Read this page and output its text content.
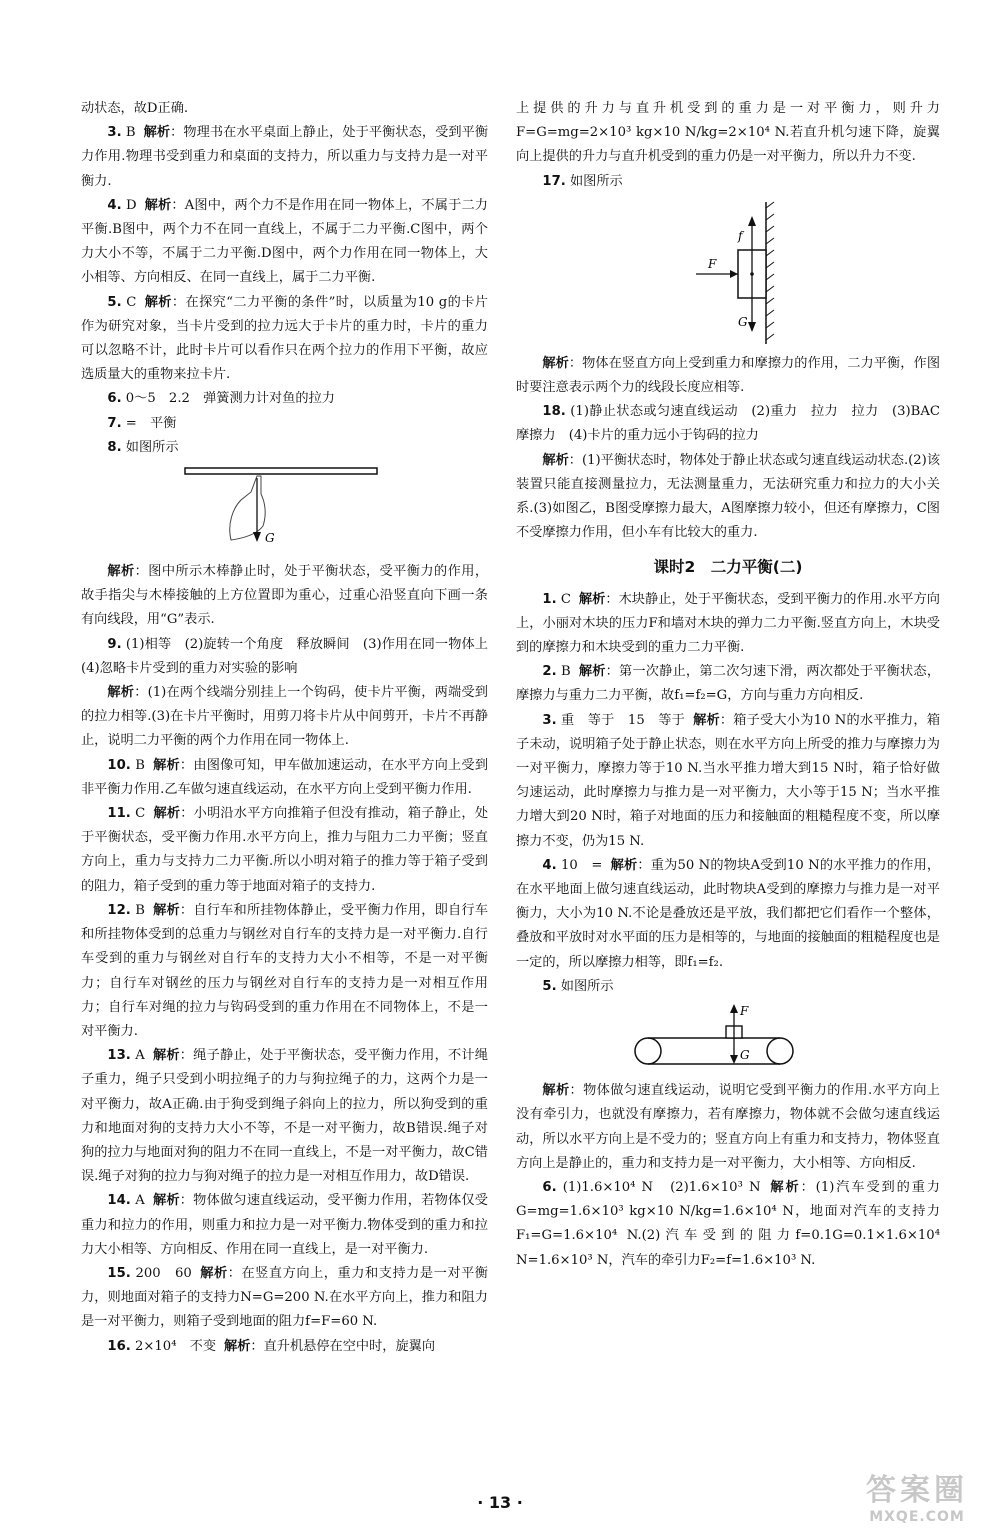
动状态，故D正确.

3. B 解析：物理书在水平桌面上静止，处于平衡状态，受到平衡力作用.物理书受到重力和桌面的支持力，所以重力与支持力是一对平衡力.

4. D 解析：A图中，两个力不是作用在同一物体上，不属于二力平衡.B图中，两个力不在同一直线上，不属于二力平衡.C图中，两个力大小不等，不属于二力平衡.D图中，两个力作用在同一物体上，大小相等、方向相反、在同一直线上，属于二力平衡.

5. C 解析：在探究“二力平衡的条件”时，以质量为10 g的卡片作为研究对象，当卡片受到的拉力远大于卡片的重力时，卡片的重力可以忽略不计，此时卡片可以看作只在两个拉力的作用下平衡，故应选质量大的重物来拉卡片.

6. 0～5　2.2　弹簧测力计对鱼的拉力

7. =　平衡

8. 如图所示

G

解析：图中所示木棒静止时，处于平衡状态，受平衡力的作用，故手指尖与木棒接触的上方位置即为重心，过重心沿竖直向下画一条有向线段，用“G”表示.

9. (1)相等　(2)旋转一个角度　释放瞬间　(3)作用在同一物体上　(4)忽略卡片受到的重力对实验的影响

解析：(1)在两个线端分别挂上一个钩码，使卡片平衡，两端受到的拉力相等.(3)在卡片平衡时，用剪刀将卡片从中间剪开，卡片不再静止，说明二力平衡的两个力作用在同一物体上.

10. B 解析：由图像可知，甲车做加速运动，在水平方向上受到非平衡力作用.乙车做匀速直线运动，在水平方向上受到平衡力作用.

11. C 解析：小明沿水平方向推箱子但没有推动，箱子静止，处于平衡状态，受平衡力作用.水平方向上，推力与阻力二力平衡；竖直方向上，重力与支持力二力平衡.所以小明对箱子的推力等于箱子受到的阻力，箱子受到的重力等于地面对箱子的支持力.

12. B 解析：自行车和所挂物体静止，受平衡力作用，即自行车和所挂物体受到的总重力与钢丝对自行车的支持力是一对平衡力.自行车受到的重力与钢丝对自行车的支持力大小不相等，不是一对平衡力；自行车对钢丝的压力与钢丝对自行车的支持力是一对相互作用力；自行车对绳的拉力与钩码受到的重力作用在不同物体上，不是一对平衡力.

13. A 解析：绳子静止，处于平衡状态，受平衡力作用，不计绳子重力，绳子只受到小明拉绳子的力与狗拉绳子的力，这两个力是一对平衡力，故A正确.由于狗受到绳子斜向上的拉力，所以狗受到的重力和地面对狗的支持力大小不等，不是一对平衡力，故B错误.绳子对狗的拉力与地面对狗的阻力不在同一直线上，不是一对平衡力，故C错误.绳子对狗的拉力与狗对绳子的拉力是一对相互作用力，故D错误.

14. A 解析：物体做匀速直线运动，受平衡力作用，若物体仅受重力和拉力的作用，则重力和拉力是一对平衡力.物体受到的重力和拉力大小相等、方向相反、作用在同一直线上，是一对平衡力.

15. 200　60 解析：在竖直方向上，重力和支持力是一对平衡力，则地面对箱子的支持力N=G=200 N.在水平方向上，推力和阻力是一对平衡力，则箱子受到地面的阻力f=F=60 N.

16. 2×10⁴　不变 解析：直升机悬停在空中时，旋翼向

上提供的升力与直升机受到的重力是一对平衡力，则升力F=G=mg=2×10³ kg×10 N/kg=2×10⁴ N.若直升机匀速下降，旋翼向上提供的升力与直升机受到的重力仍是一对平衡力，所以升力不变.

17. 如图所示

F
f
G

解析：物体在竖直方向上受到重力和摩擦力的作用，二力平衡，作图时要注意表示两个力的线段长度应相等.

18. (1)静止状态或匀速直线运动　(2)重力　拉力　拉力　(3)BAC　摩擦力　(4)卡片的重力远小于钩码的拉力

解析：(1)平衡状态时，物体处于静止状态或匀速直线运动状态.(2)该装置只能直接测量拉力，无法测量重力，无法研究重力和拉力的大小关系.(3)如图乙，B图受摩擦力最大，A图摩擦力较小，但还有摩擦力，C图不受摩擦力作用，但小车有比较大的重力.

课时2　二力平衡(二)

1. C 解析：木块静止，处于平衡状态，受到平衡力的作用.水平方向上，小丽对木块的压力F和墙对木块的弹力二力平衡.竖直方向上，木块受到的摩擦力和木块受到的重力二力平衡.

2. B 解析：第一次静止，第二次匀速下滑，两次都处于平衡状态，摩擦力与重力二力平衡，故f₁=f₂=G，方向与重力方向相反.

3. 重　等于　15　等于 解析：箱子受大小为10 N的水平推力，箱子未动，说明箱子处于静止状态，则在水平方向上所受的推力与摩擦力为一对平衡力，摩擦力等于10 N.当水平推力增大到15 N时，箱子恰好做匀速运动，此时摩擦力与推力是一对平衡力，大小等于15 N；当水平推力增大到20 N时，箱子对地面的压力和接触面的粗糙程度不变，所以摩擦力不变，仍为15 N.

4. 10　= 解析：重为50 N的物块A受到10 N的水平推力的作用，在水平地面上做匀速直线运动，此时物块A受到的摩擦力与推力是一对平衡力，大小为10 N.不论是叠放还是平放，我们都把它们看作一个整体，叠放和平放时对水平面的压力是相等的，与地面的接触面的粗糙程度也是一定的，所以摩擦力相等，即f₁=f₂.

5. 如图所示

F
G

解析：物体做匀速直线运动，说明它受到平衡力的作用.水平方向上没有牵引力，也就没有摩擦力，若有摩擦力，物体就不会做匀速直线运动，所以水平方向上是不受力的；竖直方向上有重力和支持力，物体竖直方向上是静止的，重力和支持力是一对平衡力，大小相等、方向相反.

6. (1)1.6×10⁴ N　(2)1.6×10³ N 解析：(1)汽车受到的重力G=mg=1.6×10³ kg×10 N/kg=1.6×10⁴ N，地面对汽车的支持力F₁=G=1.6×10⁴ N.(2)汽车受到的阻力f=0.1G=0.1×1.6×10⁴ N=1.6×10³ N，汽车的牵引力F₂=f=1.6×10³ N.

· 13 ·	答案圈
MXQE.COM
